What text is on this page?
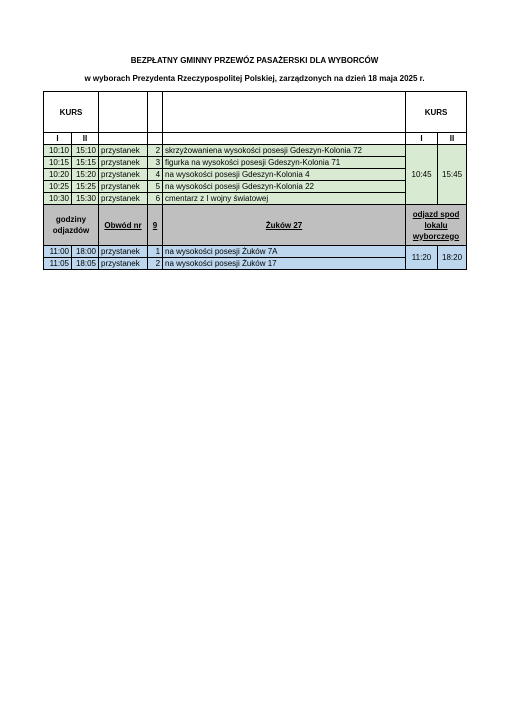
BEZPŁATNY GMINNY PRZEWÓZ PASAŻERSKI DLA WYBORCÓW
w wyborach Prezydenta Rzeczypospolitej Polskiej, zarządzonych na dzień 18 maja 2025 r.
KURS					KURS	
I	II				I	II
10:10	15:10	przystanek	2	skrzyżowaniena wysokości posesji Gdeszyn-Kolonia 72	10:45	15:45
10:15	15:15	przystanek	3	figurka na wysokości posesji Gdeszyn-Kolonia 71		
10:20	15:20	przystanek	4	na wysokości posesji Gdeszyn-Kolonia 4		
10:25	15:25	przystanek	5	na wysokości posesji Gdeszyn-Kolonia 22		
10:30	15:30	przystanek	6	cmentarz z I wojny światowej		
godziny odjazdów		Obwód nr	9	Żuków 27	odjazd spod lokalu wyborczego	
11:00	18:00	przystanek	1	na wysokości posesji Żuków 7A	11:20	18:20
11:05	18:05	przystanek	2	na wysokości posesji Żuków 17		
